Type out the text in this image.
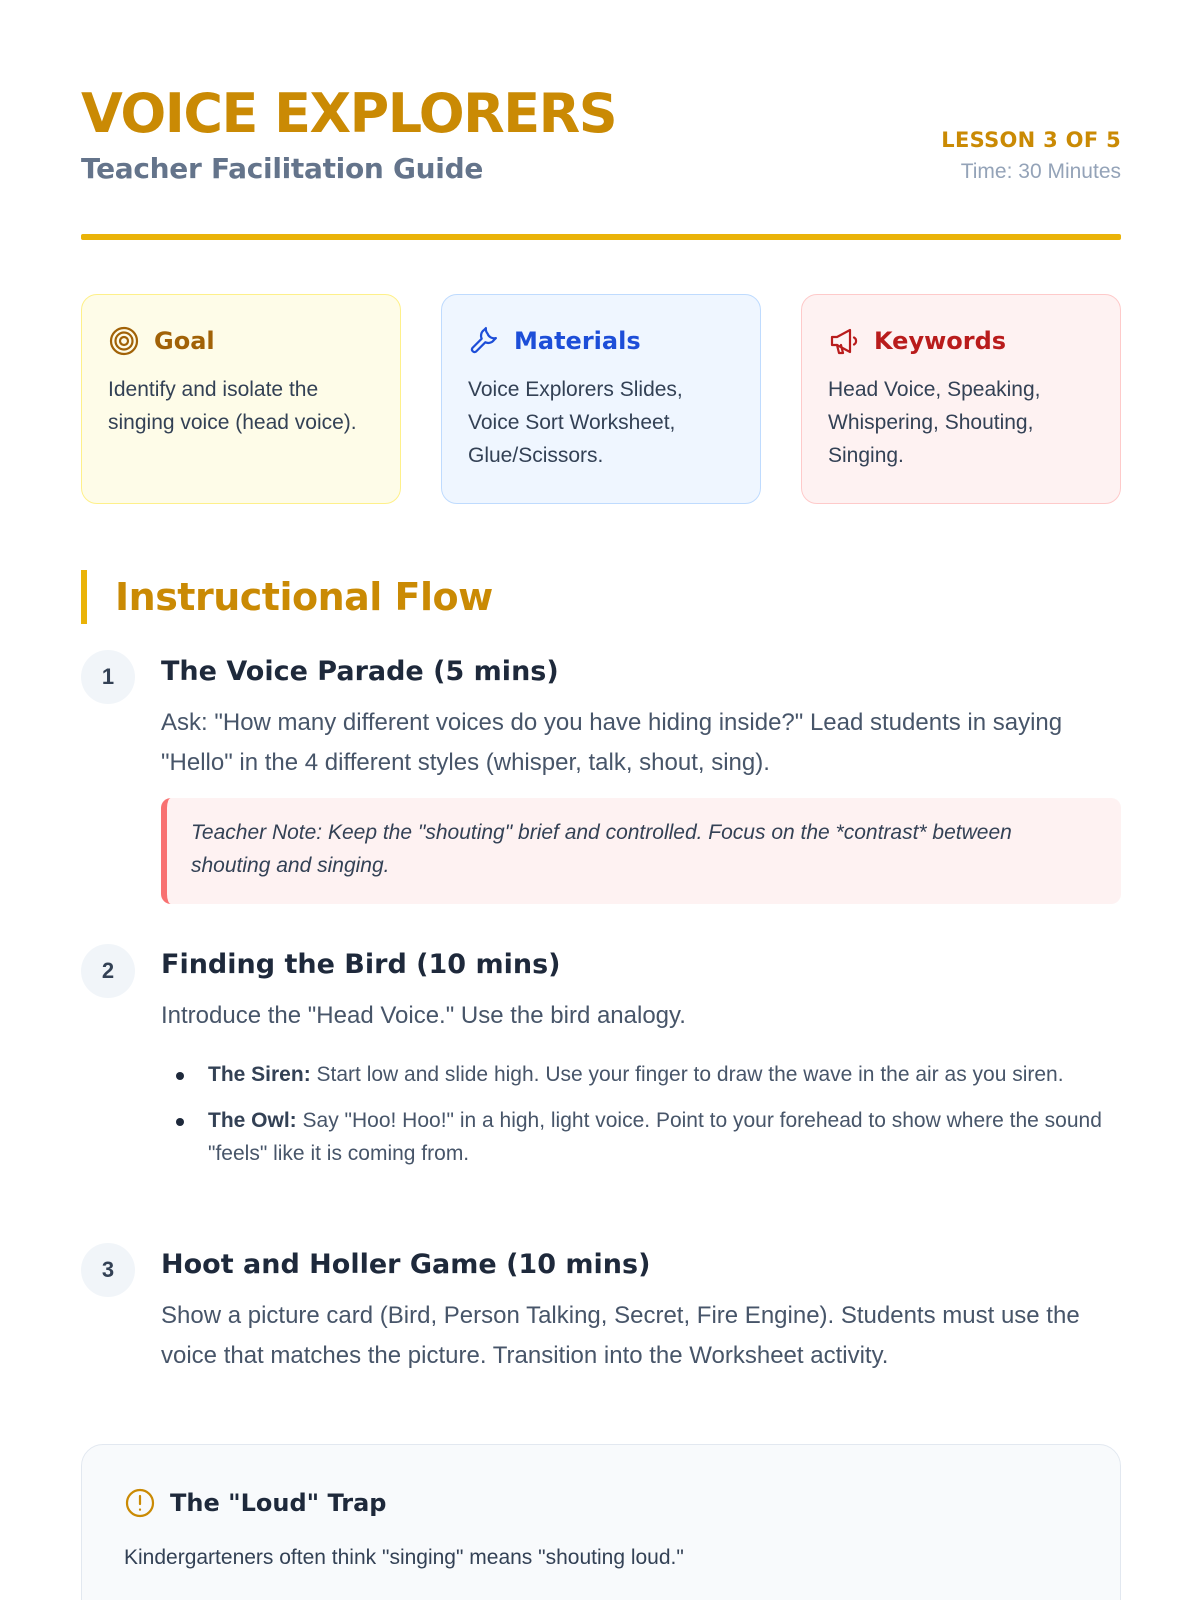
VOICE EXPLORERS
Teacher Facilitation Guide
LESSON 3 OF 5
Time: 30 Minutes
Goal
Identify and isolate the singing voice (head voice).
Materials
Voice Explorers Slides, Voice Sort Worksheet, Glue/Scissors.
Keywords
Head Voice, Speaking, Whispering, Shouting, Singing.
Instructional Flow
1	The Voice Parade (5 mins)
Ask: "How many different voices do you have hiding inside?" Lead students in saying "Hello" in the 4 different styles (whisper, talk, shout, sing).
Teacher Note: Keep the "shouting" brief and controlled. Focus on the *contrast* between shouting and singing.
2	Finding the Bird (10 mins)
Introduce the "Head Voice." Use the bird analogy.
The Siren: Start low and slide high. Use your finger to draw the wave in the air as you siren.
The Owl: Say "Hoo! Hoo!" in a high, light voice. Point to your forehead to show where the sound "feels" like it is coming from.
3	Hoot and Holler Game (10 mins)
Show a picture card (Bird, Person Talking, Secret, Fire Engine). Students must use the voice that matches the picture. Transition into the Worksheet activity.
The "Loud" Trap
Kindergarteners often think "singing" means "shouting loud."
